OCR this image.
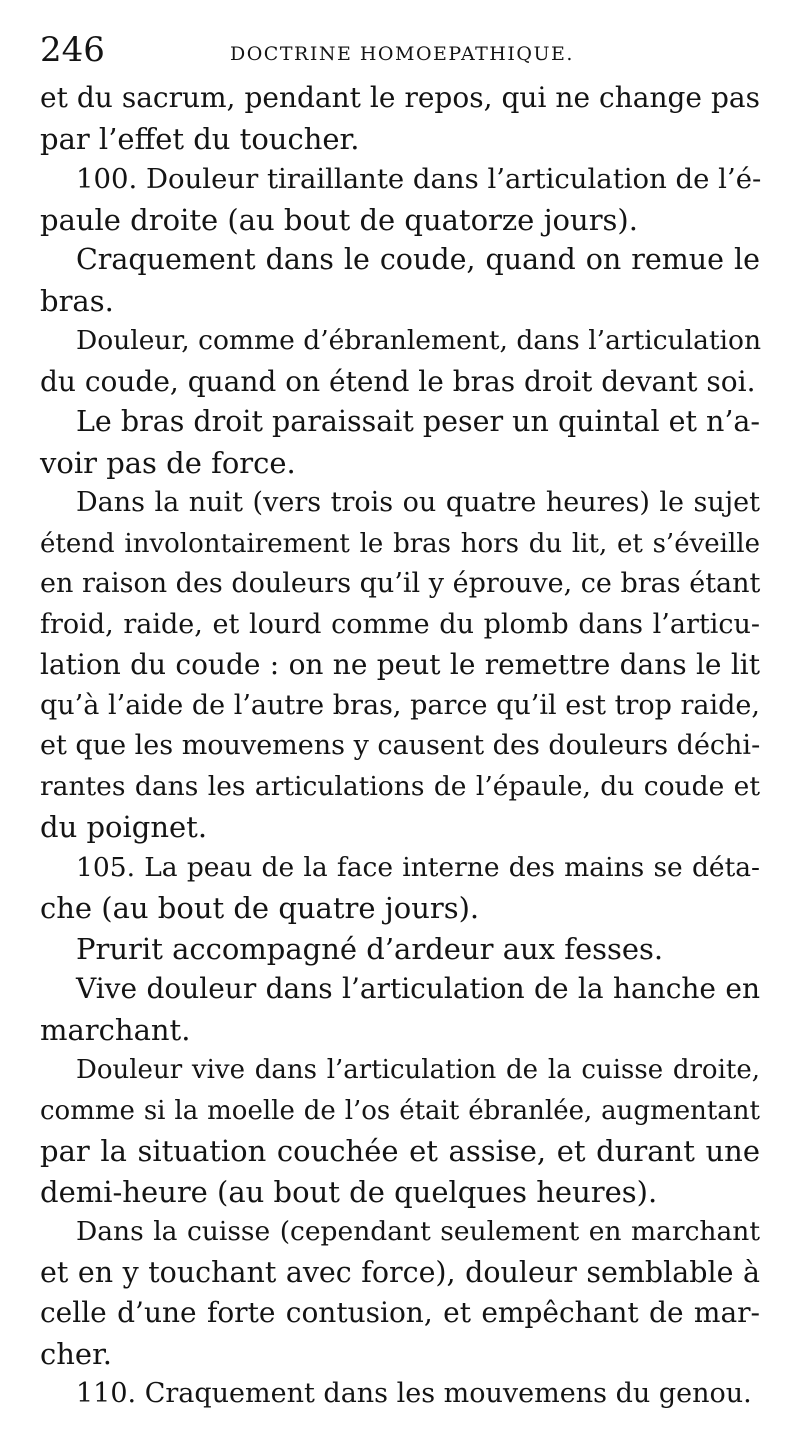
246	DOCTRINE HOMOEPATHIQUE.
et du sacrum, pendant le repos, qui ne change pas
par l’effet du toucher.
100. Douleur tiraillante dans l’articulation de l’é-
paule droite (au bout de quatorze jours).
Craquement dans le coude, quand on remue le
bras.
Douleur, comme d’ébranlement, dans l’articulation
du coude, quand on étend le bras droit devant soi.
Le bras droit paraissait peser un quintal et n’a-
voir pas de force.
Dans la nuit (vers trois ou quatre heures) le sujet
étend involontairement le bras hors du lit, et s’éveille
en raison des douleurs qu’il y éprouve, ce bras étant
froid, raide, et lourd comme du plomb dans l’articu-
lation du coude : on ne peut le remettre dans le lit
qu’à l’aide de l’autre bras, parce qu’il est trop raide,
et que les mouvemens y causent des douleurs déchi-
rantes dans les articulations de l’épaule, du coude et
du poignet.
105. La peau de la face interne des mains se déta-
che (au bout de quatre jours).
Prurit accompagné d’ardeur aux fesses.
Vive douleur dans l’articulation de la hanche en
marchant.
Douleur vive dans l’articulation de la cuisse droite,
comme si la moelle de l’os était ébranlée, augmentant
par la situation couchée et assise, et durant une
demi-heure (au bout de quelques heures).
Dans la cuisse (cependant seulement en marchant
et en y touchant avec force), douleur semblable à
celle d’une forte contusion, et empêchant de mar-
cher.
110. Craquement dans les mouvemens du genou.
